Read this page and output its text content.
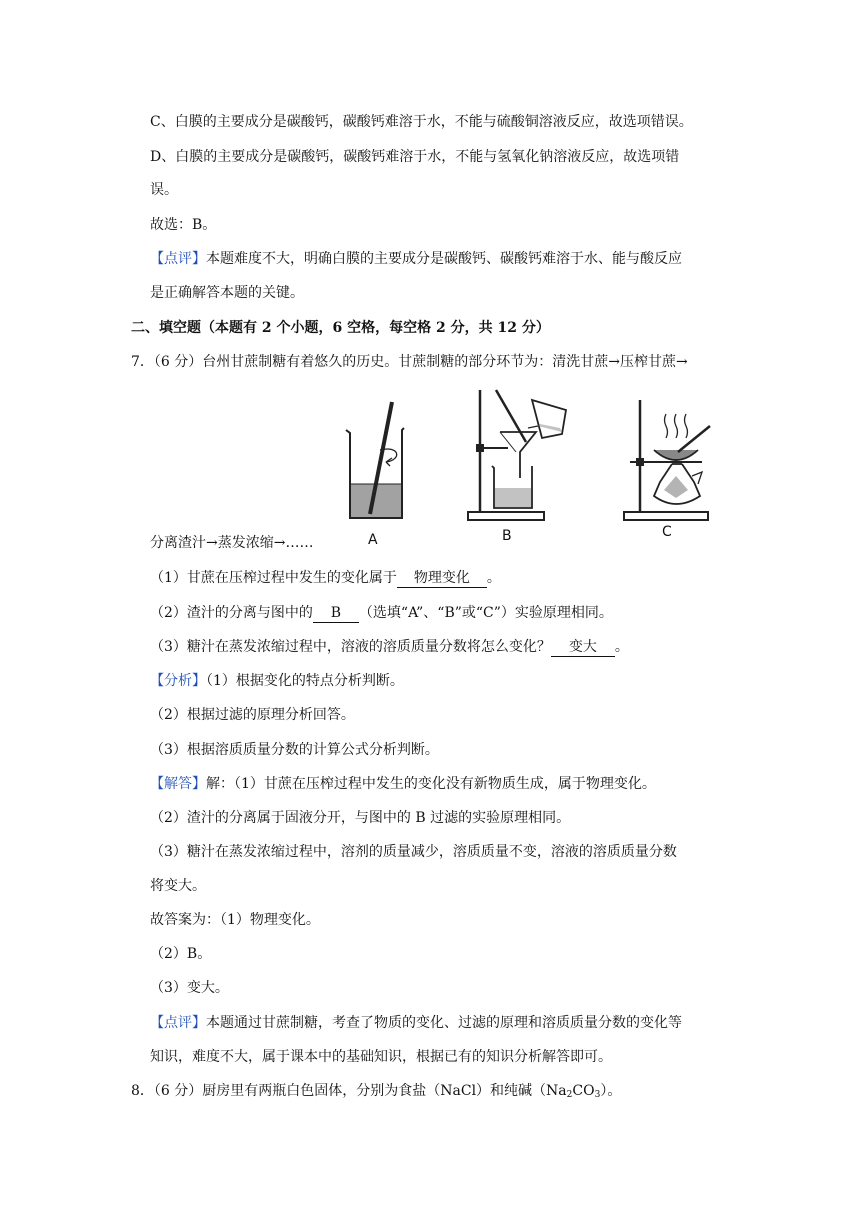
C、白膜的主要成分是碳酸钙，碳酸钙难溶于水，不能与硫酸铜溶液反应，故选项错误。
D、白膜的主要成分是碳酸钙，碳酸钙难溶于水，不能与氢氧化钠溶液反应，故选项错
误。
故选：B。
【点评】本题难度不大，明确白膜的主要成分是碳酸钙、碳酸钙难溶于水、能与酸反应
是正确解答本题的关键。
二、填空题（本题有 2 个小题，6 空格，每空格 2 分，共 12 分）
7．（6 分）台州甘蔗制糖有着悠久的历史。甘蔗制糖的部分环节为：清洗甘蔗→压榨甘蔗→
A	B	C
分离渣汁→蒸发浓缩→……
（1）甘蔗在压榨过程中发生的变化属于 物理变化 。
（2）渣汁的分离与图中的 B （选填“A”、“B”或“C”）实验原理相同。
（3）糖汁在蒸发浓缩过程中，溶液的溶质质量分数将怎么变化？ 变大 。
【分析】（1）根据变化的特点分析判断。
（2）根据过滤的原理分析回答。
（3）根据溶质质量分数的计算公式分析判断。
【解答】解：（1）甘蔗在压榨过程中发生的变化没有新物质生成，属于物理变化。
（2）渣汁的分离属于固液分开，与图中的 B 过滤的实验原理相同。
（3）糖汁在蒸发浓缩过程中，溶剂的质量减少，溶质质量不变，溶液的溶质质量分数
将变大。
故答案为：（1）物理变化。
（2）B。
（3）变大。
【点评】本题通过甘蔗制糖，考查了物质的变化、过滤的原理和溶质质量分数的变化等
知识，难度不大，属于课本中的基础知识，根据已有的知识分析解答即可。
8．（6 分）厨房里有两瓶白色固体，分别为食盐（NaCl）和纯碱$(Na_2CO_3)$。
